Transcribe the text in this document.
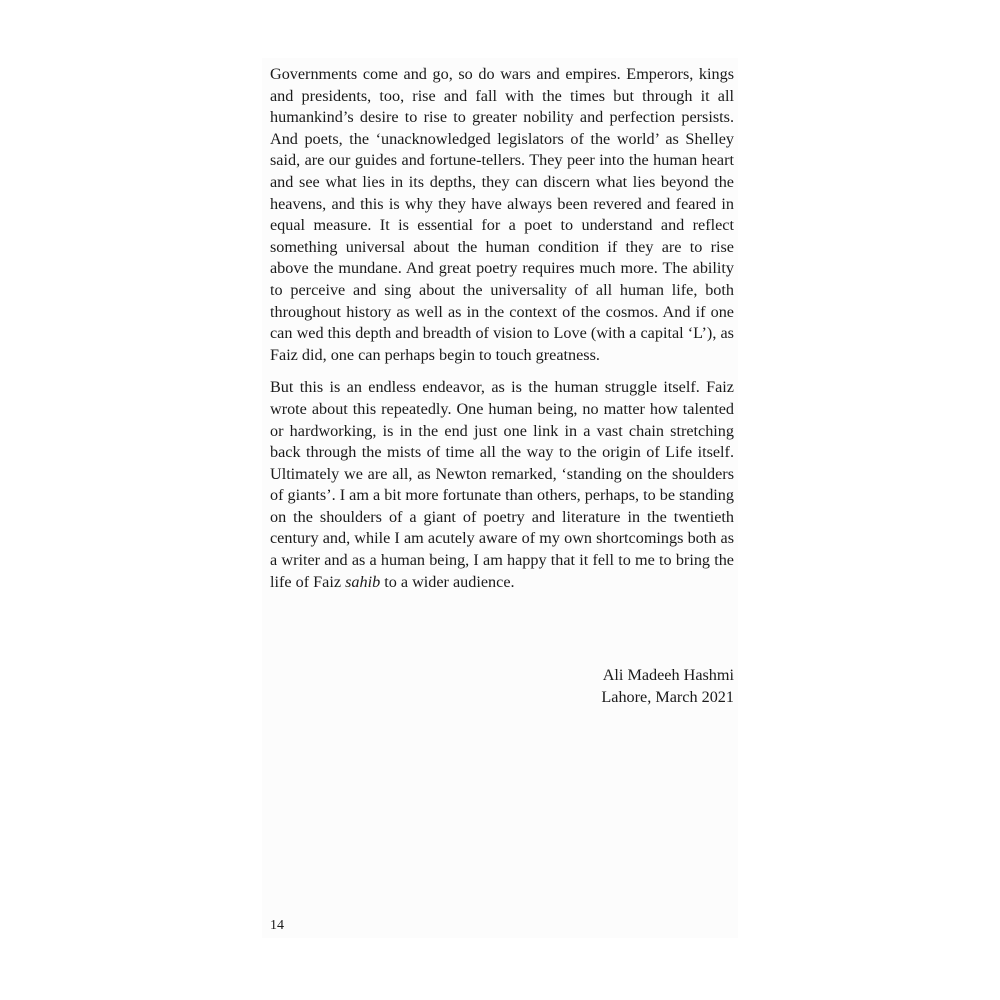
Governments come and go, so do wars and empires. Emperors, kings and presidents, too, rise and fall with the times but through it all humankind’s desire to rise to greater nobility and perfection persists. And poets, the ‘unacknowledged legislators of the world’ as Shelley said, are our guides and fortune-tellers. They peer into the human heart and see what lies in its depths, they can discern what lies beyond the heavens, and this is why they have always been revered and feared in equal measure. It is essential for a poet to understand and reflect something universal about the human condition if they are to rise above the mundane. And great poetry requires much more. The ability to perceive and sing about the universality of all human life, both throughout history as well as in the context of the cosmos. And if one can wed this depth and breadth of vision to Love (with a capital ‘L’), as Faiz did, one can perhaps begin to touch greatness.

But this is an endless endeavor, as is the human struggle itself. Faiz wrote about this repeatedly. One human being, no matter how talented or hardworking, is in the end just one link in a vast chain stretching back through the mists of time all the way to the origin of Life itself. Ultimately we are all, as Newton remarked, ‘standing on the shoulders of giants’. I am a bit more fortunate than others, perhaps, to be standing on the shoulders of a giant of poetry and literature in the twentieth century and, while I am acutely aware of my own shortcomings both as a writer and as a human being, I am happy that it fell to me to bring the life of Faiz sahib to a wider audience.

Ali Madeeh Hashmi
Lahore, March 2021
14
